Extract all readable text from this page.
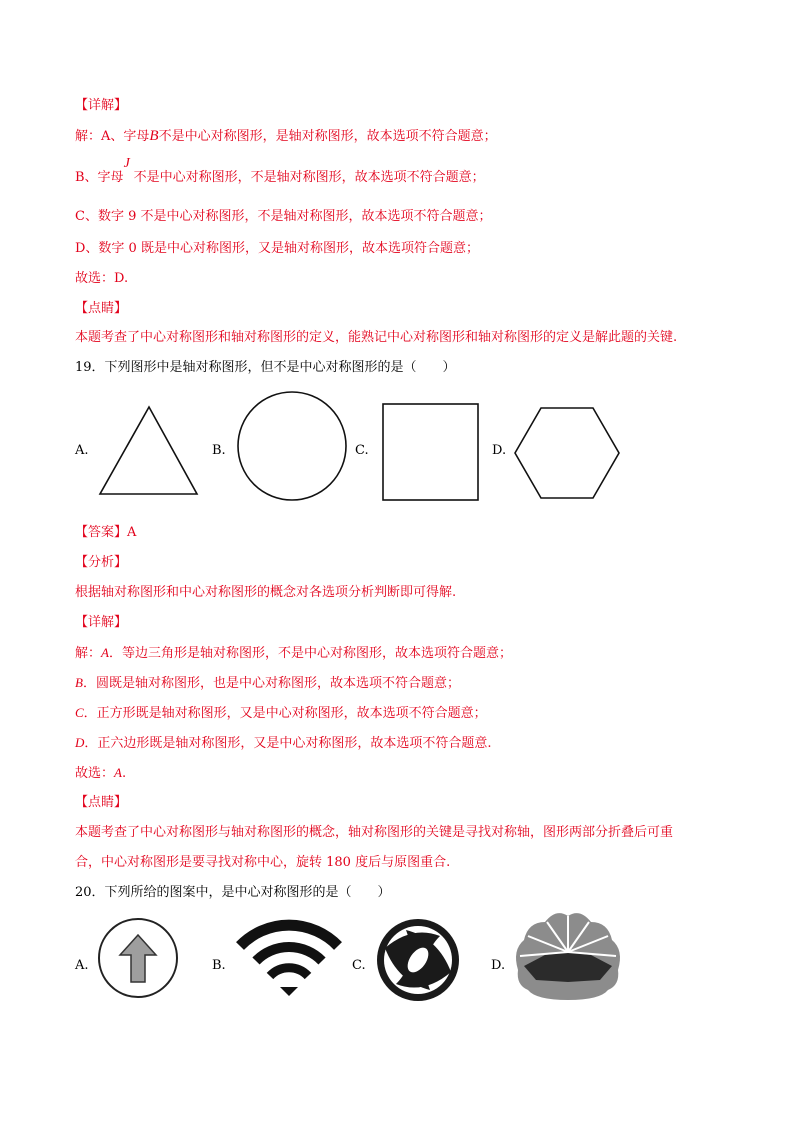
【详解】
解：A、字母B不是中心对称图形，是轴对称图形，故本选项不符合题意；
B、字母J不是中心对称图形，不是轴对称图形，故本选项不符合题意；
C、数字 9 不是中心对称图形，不是轴对称图形，故本选项不符合题意；
D、数字 0 既是中心对称图形，又是轴对称图形，故本选项符合题意；
故选：D.
【点睛】
本题考查了中心对称图形和轴对称图形的定义，能熟记中心对称图形和轴对称图形的定义是解此题的关键.
19．下列图形中是轴对称图形，但不是中心对称图形的是（　　）
A.	B.	C.	D.
【答案】A
【分析】
根据轴对称图形和中心对称图形的概念对各选项分析判断即可得解.
【详解】
解：A．等边三角形是轴对称图形，不是中心对称图形，故本选项符合题意；
B．圆既是轴对称图形，也是中心对称图形，故本选项不符合题意；
C．正方形既是轴对称图形，又是中心对称图形，故本选项不符合题意；
D．正六边形既是轴对称图形，又是中心对称图形，故本选项不符合题意.
故选：A.
【点睛】
本题考查了中心对称图形与轴对称图形的概念，轴对称图形的关键是寻找对称轴，图形两部分折叠后可重
合，中心对称图形是要寻找对称中心，旋转 180 度后与原图重合.
20．下列所给的图案中，是中心对称图形的是（　　）
A.	B.	C.	D.
